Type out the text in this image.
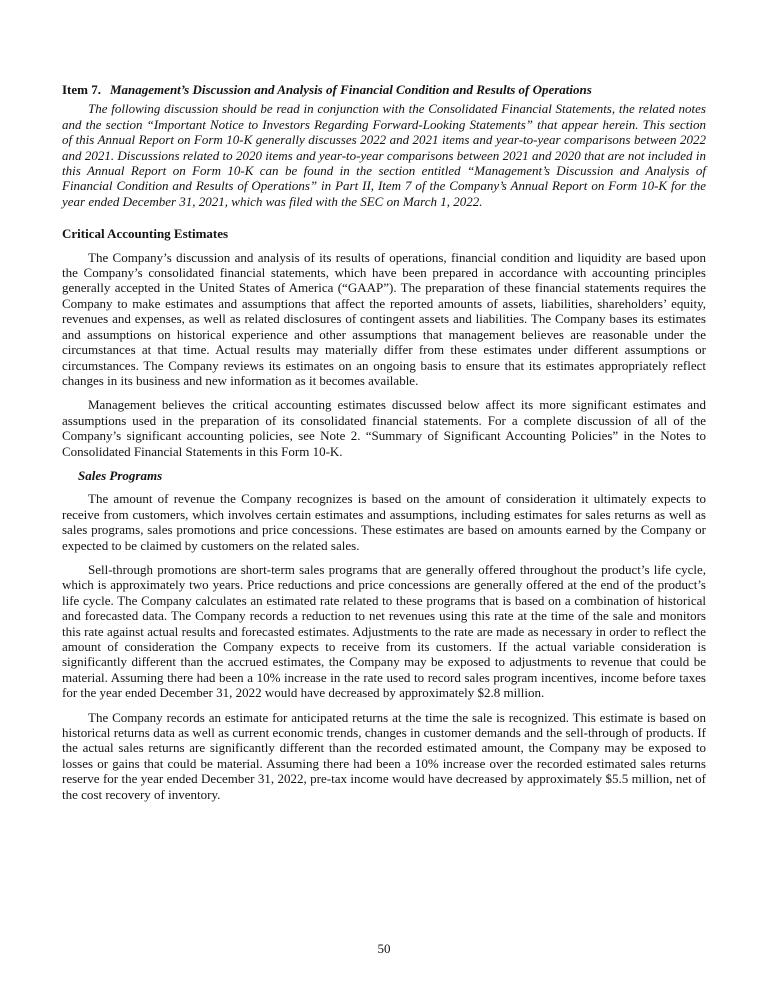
Item 7. Management’s Discussion and Analysis of Financial Condition and Results of Operations

The following discussion should be read in conjunction with the Consolidated Financial Statements, the related notes and the section “Important Notice to Investors Regarding Forward-Looking Statements” that appear herein. This section of this Annual Report on Form 10-K generally discusses 2022 and 2021 items and year-to-year comparisons between 2022 and 2021. Discussions related to 2020 items and year-to-year comparisons between 2021 and 2020 that are not included in this Annual Report on Form 10-K can be found in the section entitled “Management’s Discussion and Analysis of Financial Condition and Results of Operations” in Part II, Item 7 of the Company’s Annual Report on Form 10-K for the year ended December 31, 2021, which was filed with the SEC on March 1, 2022.

Critical Accounting Estimates

The Company’s discussion and analysis of its results of operations, financial condition and liquidity are based upon the Company’s consolidated financial statements, which have been prepared in accordance with accounting principles generally accepted in the United States of America (“GAAP”). The preparation of these financial statements requires the Company to make estimates and assumptions that affect the reported amounts of assets, liabilities, shareholders’ equity, revenues and expenses, as well as related disclosures of contingent assets and liabilities. The Company bases its estimates and assumptions on historical experience and other assumptions that management believes are reasonable under the circumstances at that time. Actual results may materially differ from these estimates under different assumptions or circumstances. The Company reviews its estimates on an ongoing basis to ensure that its estimates appropriately reflect changes in its business and new information as it becomes available.

Management believes the critical accounting estimates discussed below affect its more significant estimates and assumptions used in the preparation of its consolidated financial statements. For a complete discussion of all of the Company’s significant accounting policies, see Note 2. “Summary of Significant Accounting Policies” in the Notes to Consolidated Financial Statements in this Form 10-K.

Sales Programs

The amount of revenue the Company recognizes is based on the amount of consideration it ultimately expects to receive from customers, which involves certain estimates and assumptions, including estimates for sales returns as well as sales programs, sales promotions and price concessions. These estimates are based on amounts earned by the Company or expected to be claimed by customers on the related sales.

Sell-through promotions are short-term sales programs that are generally offered throughout the product’s life cycle, which is approximately two years. Price reductions and price concessions are generally offered at the end of the product’s life cycle. The Company calculates an estimated rate related to these programs that is based on a combination of historical and forecasted data. The Company records a reduction to net revenues using this rate at the time of the sale and monitors this rate against actual results and forecasted estimates. Adjustments to the rate are made as necessary in order to reflect the amount of consideration the Company expects to receive from its customers. If the actual variable consideration is significantly different than the accrued estimates, the Company may be exposed to adjustments to revenue that could be material. Assuming there had been a 10% increase in the rate used to record sales program incentives, income before taxes for the year ended December 31, 2022 would have decreased by approximately $2.8 million.

The Company records an estimate for anticipated returns at the time the sale is recognized. This estimate is based on historical returns data as well as current economic trends, changes in customer demands and the sell-through of products. If the actual sales returns are significantly different than the recorded estimated amount, the Company may be exposed to losses or gains that could be material. Assuming there had been a 10% increase over the recorded estimated sales returns reserve for the year ended December 31, 2022, pre-tax income would have decreased by approximately $5.5 million, net of the cost recovery of inventory.

50
